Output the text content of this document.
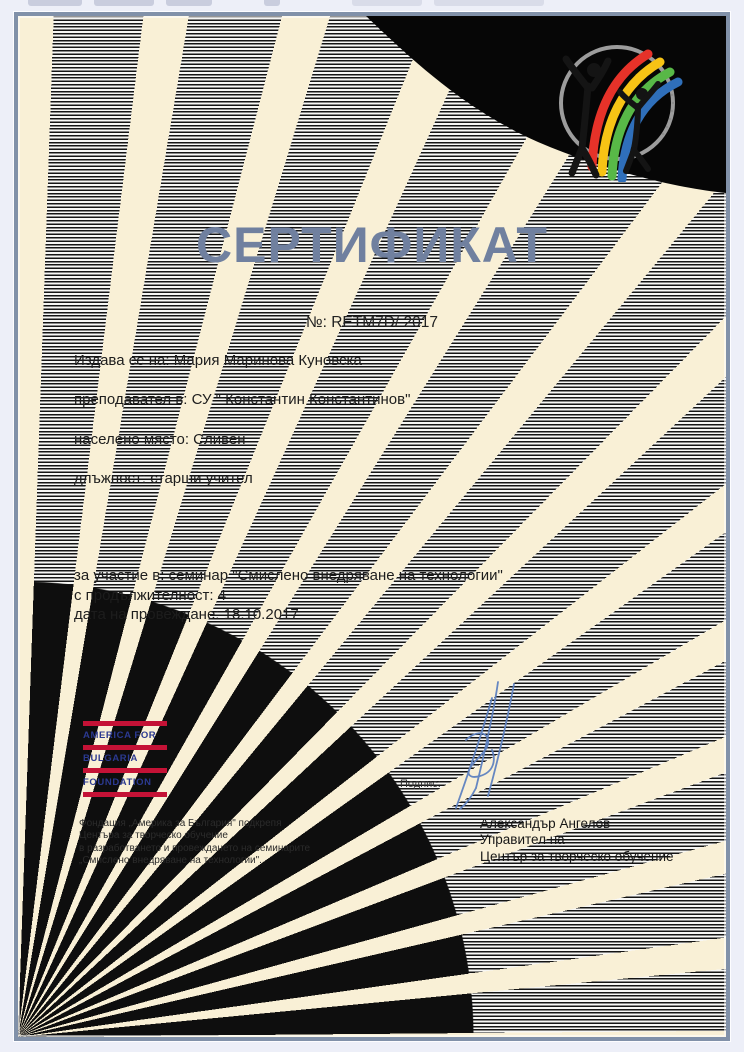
СЕРТИФИКАТ
№: RETM7D/ 2017
Издава се на: Мария Маринова Куновска
преподавател в: СУ " Константин Константинов"
населено място: Сливен
длъжност: старши учител
за участие в: семинар "Смислено внедряване на технологии"
с продължителност: 4
дата на провеждане: 18.10.2017
AMERICA FOR
BULGARIA
FOUNDATION
Фондация „Америка за България" подкрепя
Центъра за творческо обучение
в разработването и провеждането на семинарите
„Смислено внедряване на технологии".
Подпис:
Александър Ангелов
Управител на
Център за творческо обучение
